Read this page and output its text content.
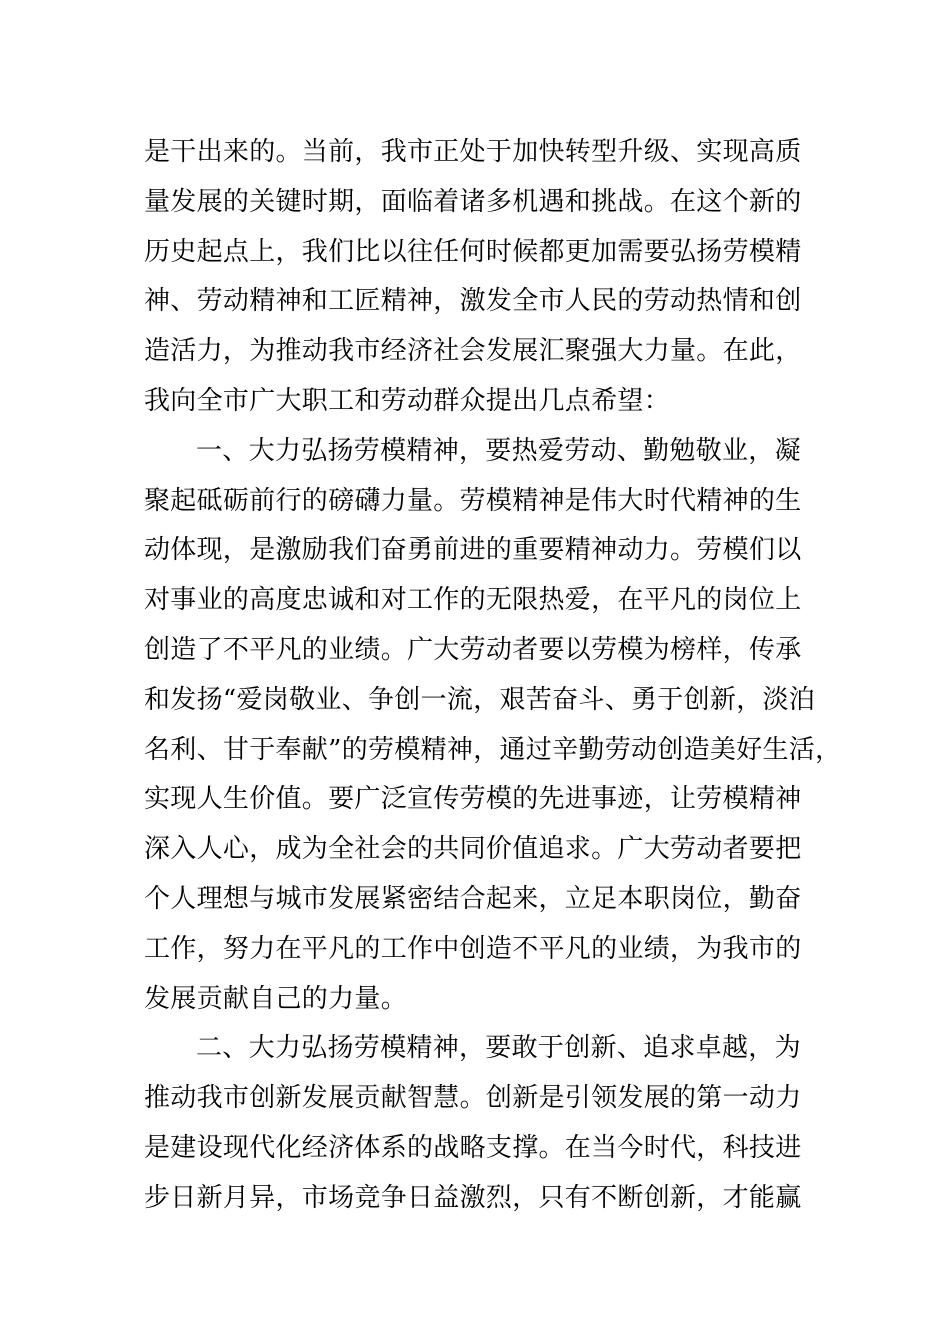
是干出来的。当前，我市正处于加快转型升级、实现高质
量发展的关键时期，面临着诸多机遇和挑战。在这个新的
历史起点上，我们比以往任何时候都更加需要弘扬劳模精
神、劳动精神和工匠精神，激发全市人民的劳动热情和创
造活力，为推动我市经济社会发展汇聚强大力量。在此，
我向全市广大职工和劳动群众提出几点希望：
一、大力弘扬劳模精神，要热爱劳动、勤勉敬业，凝
聚起砥砺前行的磅礴力量。劳模精神是伟大时代精神的生
动体现，是激励我们奋勇前进的重要精神动力。劳模们以
对事业的高度忠诚和对工作的无限热爱，在平凡的岗位上
创造了不平凡的业绩。广大劳动者要以劳模为榜样，传承
和发扬“爱岗敬业、争创一流，艰苦奋斗、勇于创新，淡泊
名利、甘于奉献”的劳模精神，通过辛勤劳动创造美好生活，
实现人生价值。要广泛宣传劳模的先进事迹，让劳模精神
深入人心，成为全社会的共同价值追求。广大劳动者要把
个人理想与城市发展紧密结合起来，立足本职岗位，勤奋
工作，努力在平凡的工作中创造不平凡的业绩，为我市的
发展贡献自己的力量。
二、大力弘扬劳模精神，要敢于创新、追求卓越，为
推动我市创新发展贡献智慧。创新是引领发展的第一动力
是建设现代化经济体系的战略支撑。在当今时代，科技进
步日新月异，市场竞争日益激烈，只有不断创新，才能赢
